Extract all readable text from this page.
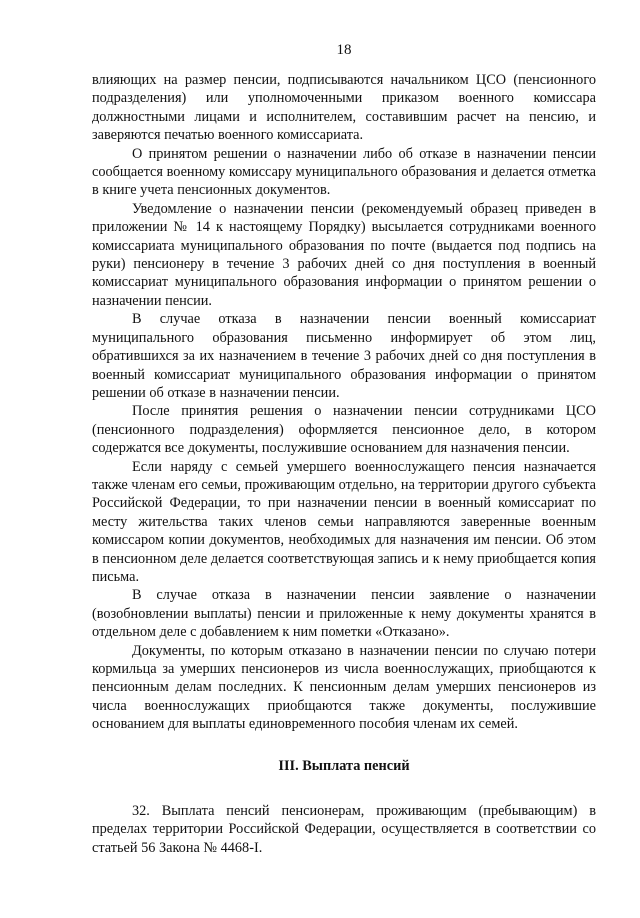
18

влияющих на размер пенсии, подписываются начальником ЦСО (пенсионного подразделения) или уполномоченными приказом военного комиссара должностными лицами и исполнителем, составившим расчет на пенсию, и заверяются печатью военного комиссариата.

О принятом решении о назначении либо об отказе в назначении пенсии сообщается военному комиссару муниципального образования и делается отметка в книге учета пенсионных документов.

Уведомление о назначении пенсии (рекомендуемый образец приведен в приложении № 14 к настоящему Порядку) высылается сотрудниками военного комиссариата муниципального образования по почте (выдается под подпись на руки) пенсионеру в течение 3 рабочих дней со дня поступления в военный комиссариат муниципального образования информации о принятом решении о назначении пенсии.

В случае отказа в назначении пенсии военный комиссариат муниципального образования письменно информирует об этом лиц, обратившихся за их назначением в течение 3 рабочих дней со дня поступления в военный комиссариат муниципального образования информации о принятом решении об отказе в назначении пенсии.

После принятия решения о назначении пенсии сотрудниками ЦСО (пенсионного подразделения) оформляется пенсионное дело, в котором содержатся все документы, послужившие основанием для назначения пенсии.

Если наряду с семьей умершего военнослужащего пенсия назначается также членам его семьи, проживающим отдельно, на территории другого субъекта Российской Федерации, то при назначении пенсии в военный комиссариат по месту жительства таких членов семьи направляются заверенные военным комиссаром копии документов, необходимых для назначения им пенсии. Об этом в пенсионном деле делается соответствующая запись и к нему приобщается копия письма.

В случае отказа в назначении пенсии заявление о назначении (возобновлении выплаты) пенсии и приложенные к нему документы хранятся в отдельном деле с добавлением к ним пометки «Отказано».

Документы, по которым отказано в назначении пенсии по случаю потери кормильца за умерших пенсионеров из числа военнослужащих, приобщаются к пенсионным делам последних. К пенсионным делам умерших пенсионеров из числа военнослужащих приобщаются также документы, послужившие основанием для выплаты единовременного пособия членам их семей.

III. Выплата пенсий

32. Выплата пенсий пенсионерам, проживающим (пребывающим) в пределах территории Российской Федерации, осуществляется в соответствии со статьей 56 Закона № 4468-I.
